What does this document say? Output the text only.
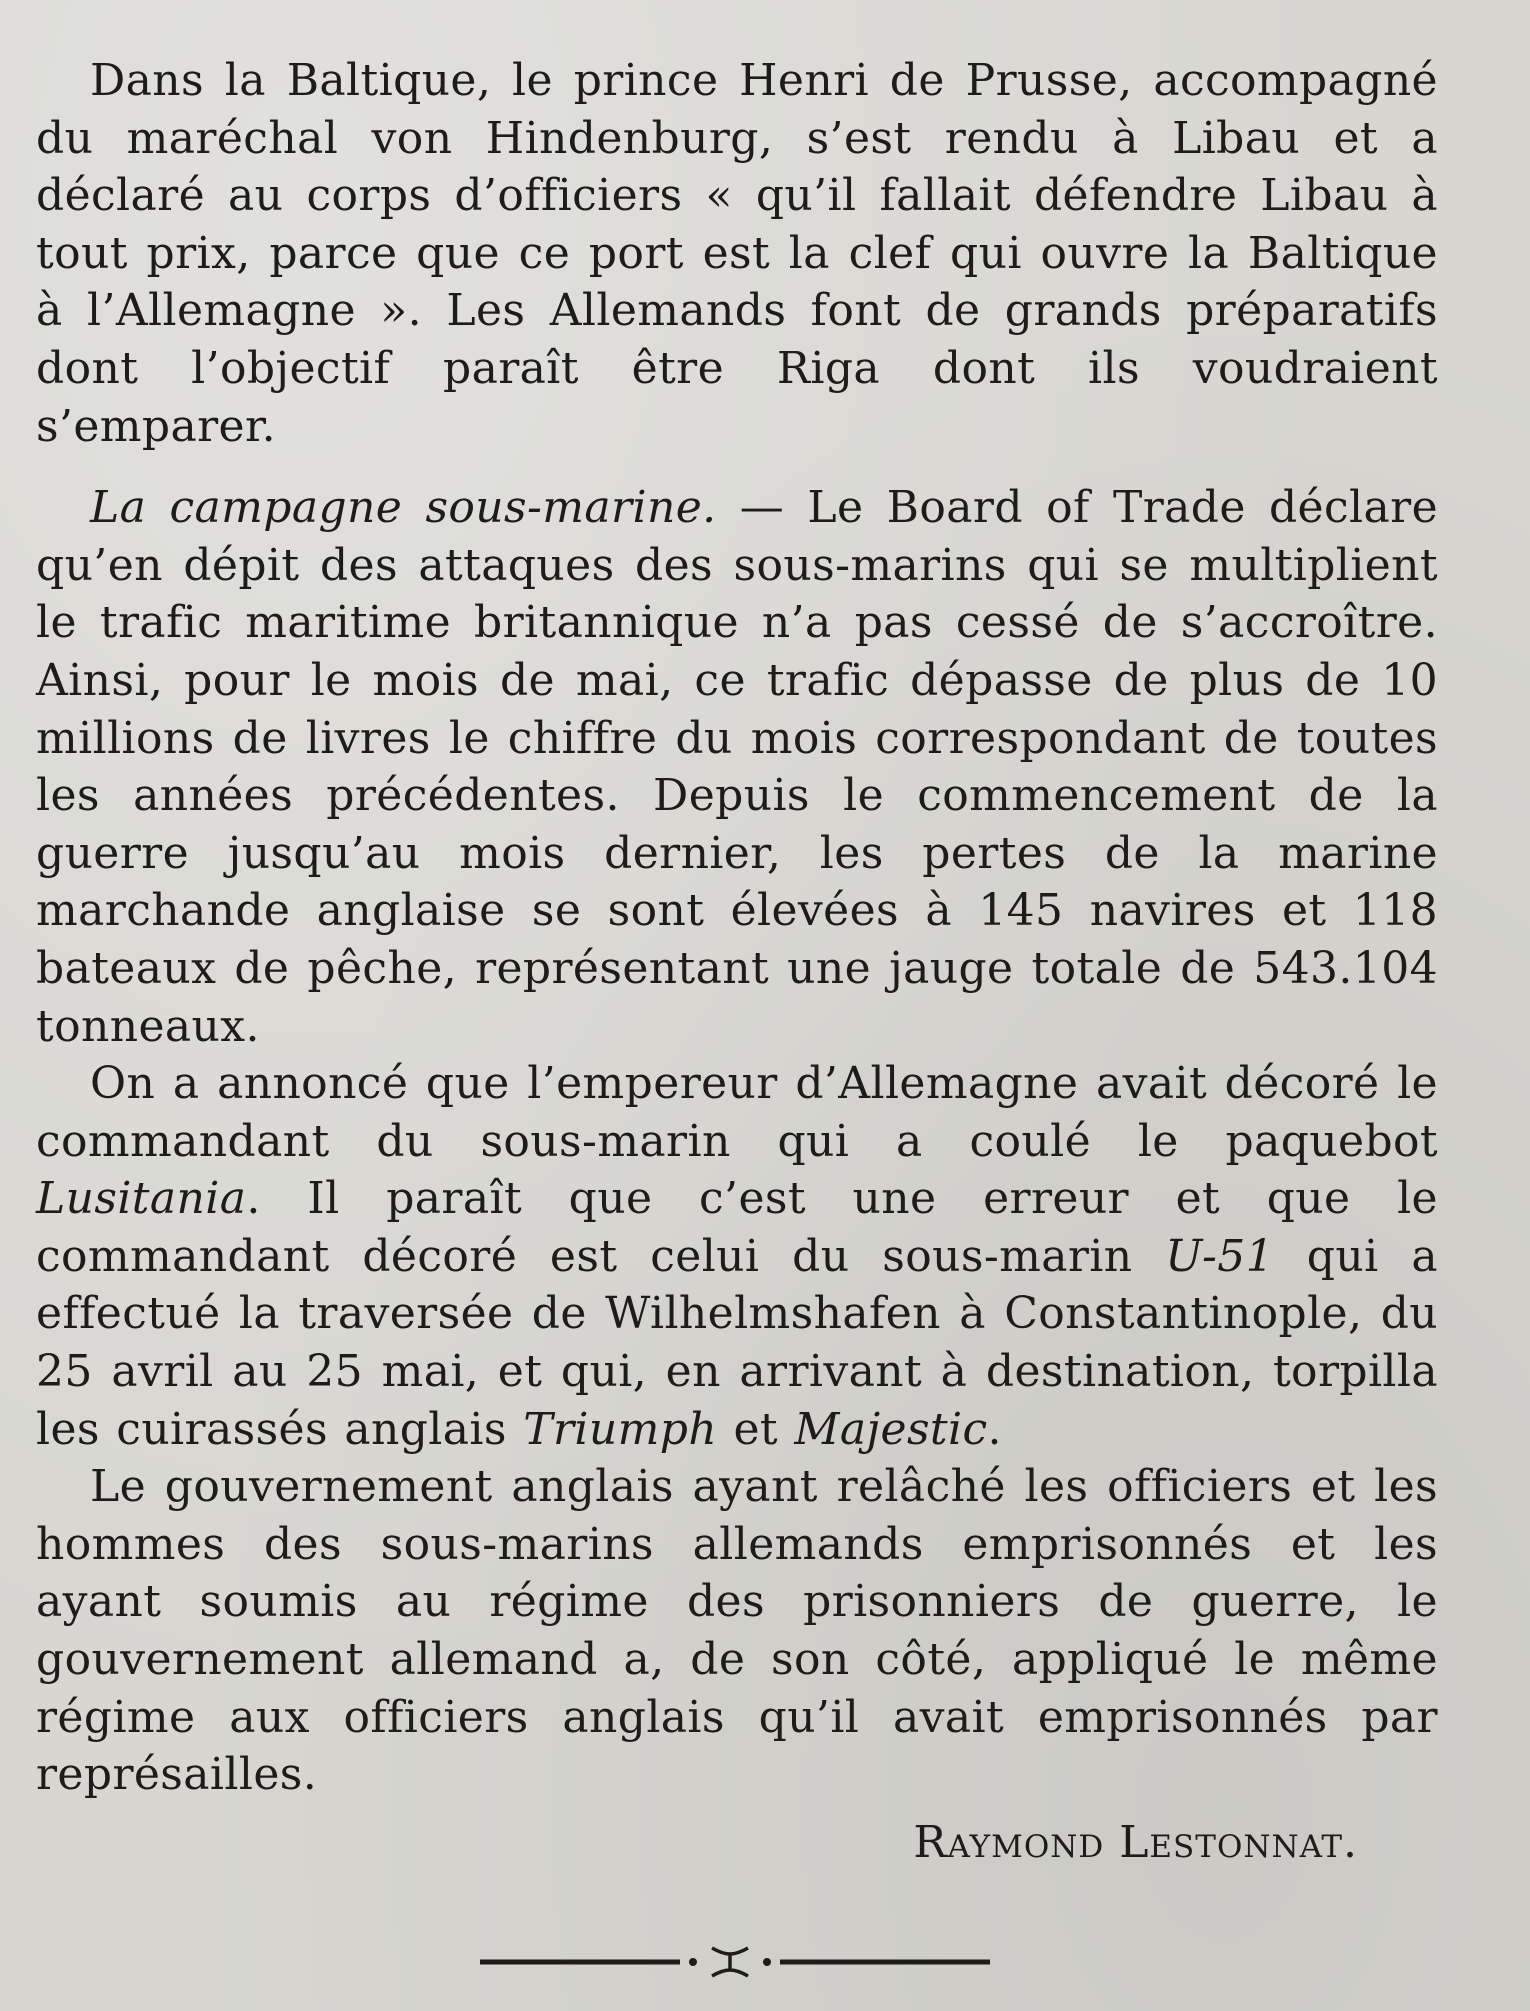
Dans la Baltique, le prince Henri de Prusse, accompagné du maréchal von Hindenburg, s’est rendu à Libau et a déclaré au corps d’officiers « qu’il fallait défendre Libau à tout prix, parce que ce port est la clef qui ouvre la Baltique à l’Allemagne ». Les Allemands font de grands préparatifs dont l’objectif paraît être Riga dont ils voudraient s’emparer.

La campagne sous-marine. — Le Board of Trade déclare qu’en dépit des attaques des sous-marins qui se multiplient le trafic maritime britannique n’a pas cessé de s’accroître. Ainsi, pour le mois de mai, ce trafic dépasse de plus de 10 millions de livres le chiffre du mois correspondant de toutes les années précédentes. Depuis le commencement de la guerre jusqu’au mois dernier, les pertes de la marine marchande anglaise se sont élevées à 145 navires et 118 bateaux de pêche, représentant une jauge totale de 543.104 tonneaux.

On a annoncé que l’empereur d’Allemagne avait décoré le commandant du sous-marin qui a coulé le paquebot Lusitania. Il paraît que c’est une erreur et que le commandant décoré est celui du sous-marin U-51 qui a effectué la traversée de Wilhelmshafen à Constantinople, du 25 avril au 25 mai, et qui, en arrivant à destination, torpilla les cuirassés anglais Triumph et Majestic.

Le gouvernement anglais ayant relâché les officiers et les hommes des sous-marins allemands emprisonnés et les ayant soumis au régime des prisonniers de guerre, le gouvernement allemand a, de son côté, appliqué le même régime aux officiers anglais qu’il avait emprisonnés par représailles.

Raymond Lestonnat.
